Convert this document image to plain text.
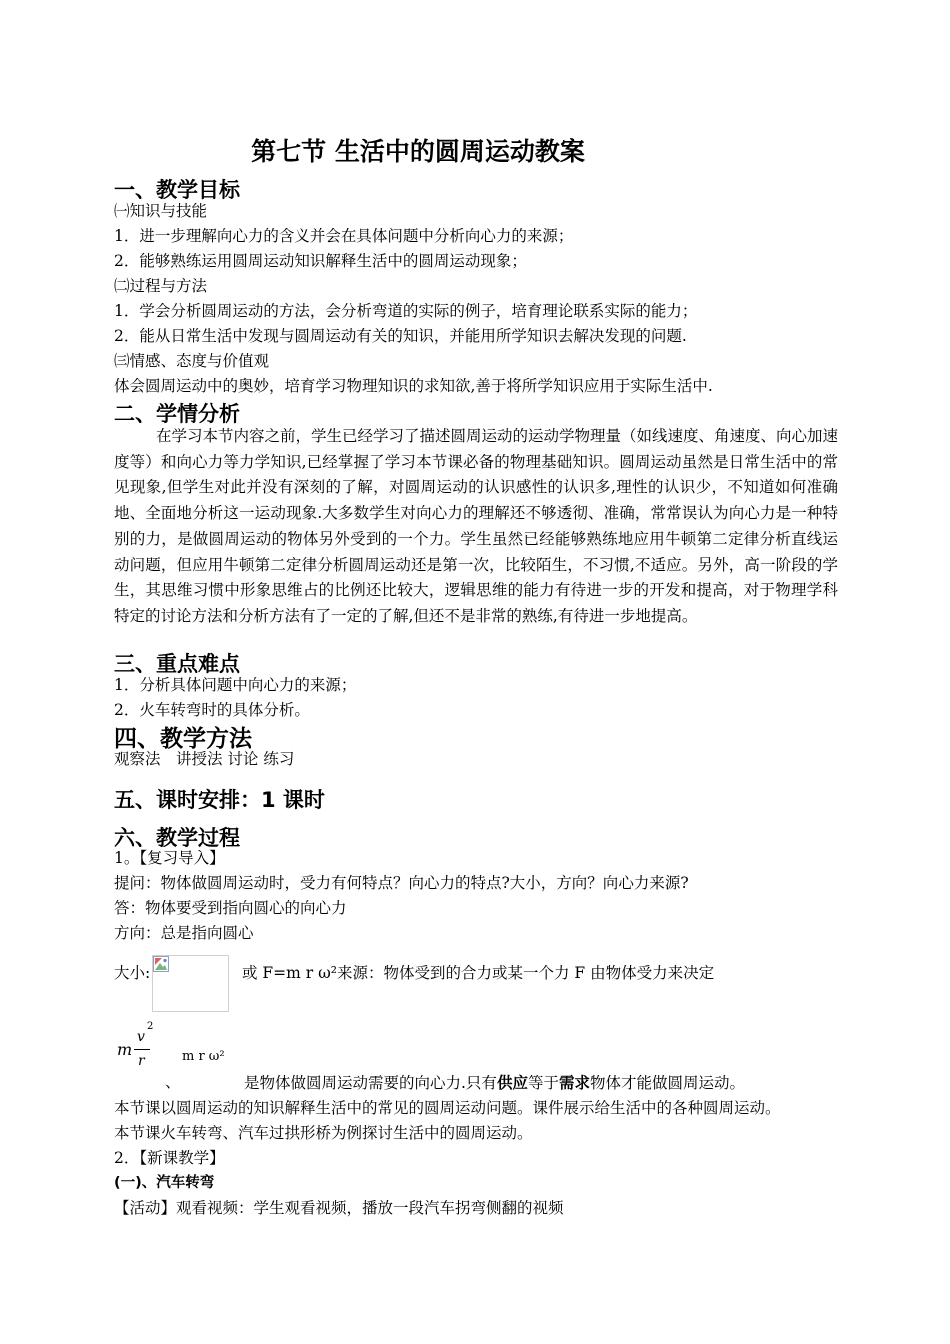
第七节 生活中的圆周运动教案
一、教学目标
㈠知识与技能
1．进一步理解向心力的含义并会在具体问题中分析向心力的来源；
2．能够熟练运用圆周运动知识解释生活中的圆周运动现象；
㈡过程与方法
1．学会分析圆周运动的方法，会分析弯道的实际的例子，培育理论联系实际的能力；
2．能从日常生活中发现与圆周运动有关的知识，并能用所学知识去解决发现的问题.
㈢情感、态度与价值观
体会圆周运动中的奥妙，培育学习物理知识的求知欲,善于将所学知识应用于实际生活中.
二、学情分析

在学习本节内容之前，学生已经学习了描述圆周运动的运动学物理量（如线速度、角速度、向心加速度等）和向心力等力学知识,已经掌握了学习本节课必备的物理基础知识。圆周运动虽然是日常生活中的常见现象,但学生对此并没有深刻的了解，对圆周运动的认识感性的认识多,理性的认识少，不知道如何准确地、全面地分析这一运动现象.大多数学生对向心力的理解还不够透彻、准确，常常误认为向心力是一种特别的力，是做圆周运动的物体另外受到的一个力。学生虽然已经能够熟练地应用牛顿第二定律分析直线运动问题，但应用牛顿第二定律分析圆周运动还是第一次，比较陌生，不习惯,不适应。另外，高一阶段的学生，其思维习惯中形象思维占的比例还比较大，逻辑思维的能力有待进一步的开发和提高，对于物理学科特定的讨论方法和分析方法有了一定的了解,但还不是非常的熟练,有待进一步地提高。

三、重点难点
1．分析具体问题中向心力的来源；
2．火车转弯时的具体分析。
四、教学方法
观察法　讲授法 讨论 练习
五、课时安排：1 课时
六、教学过程
1。【复习导入】
提问：物体做圆周运动时，受力有何特点？向心力的特点?大小，方向？向心力来源?
答：物体要受到指向圆心的向心力
方向：总是指向圆心
大小:	或 F=m r ω²来源：物体受到的合力或某一个力 F 由物体受力来决定
m
v
2
r	m r ω²
、	是物体做圆周运动需要的向心力.只有供应等于需求物体才能做圆周运动。
本节课以圆周运动的知识解释生活中的常见的圆周运动问题。课件展示给生活中的各种圆周运动。
本节课火车转弯、汽车过拱形桥为例探讨生活中的圆周运动。
2．【新课教学】
(一)、汽车转弯
【活动】观看视频：学生观看视频，播放一段汽车拐弯侧翻的视频
